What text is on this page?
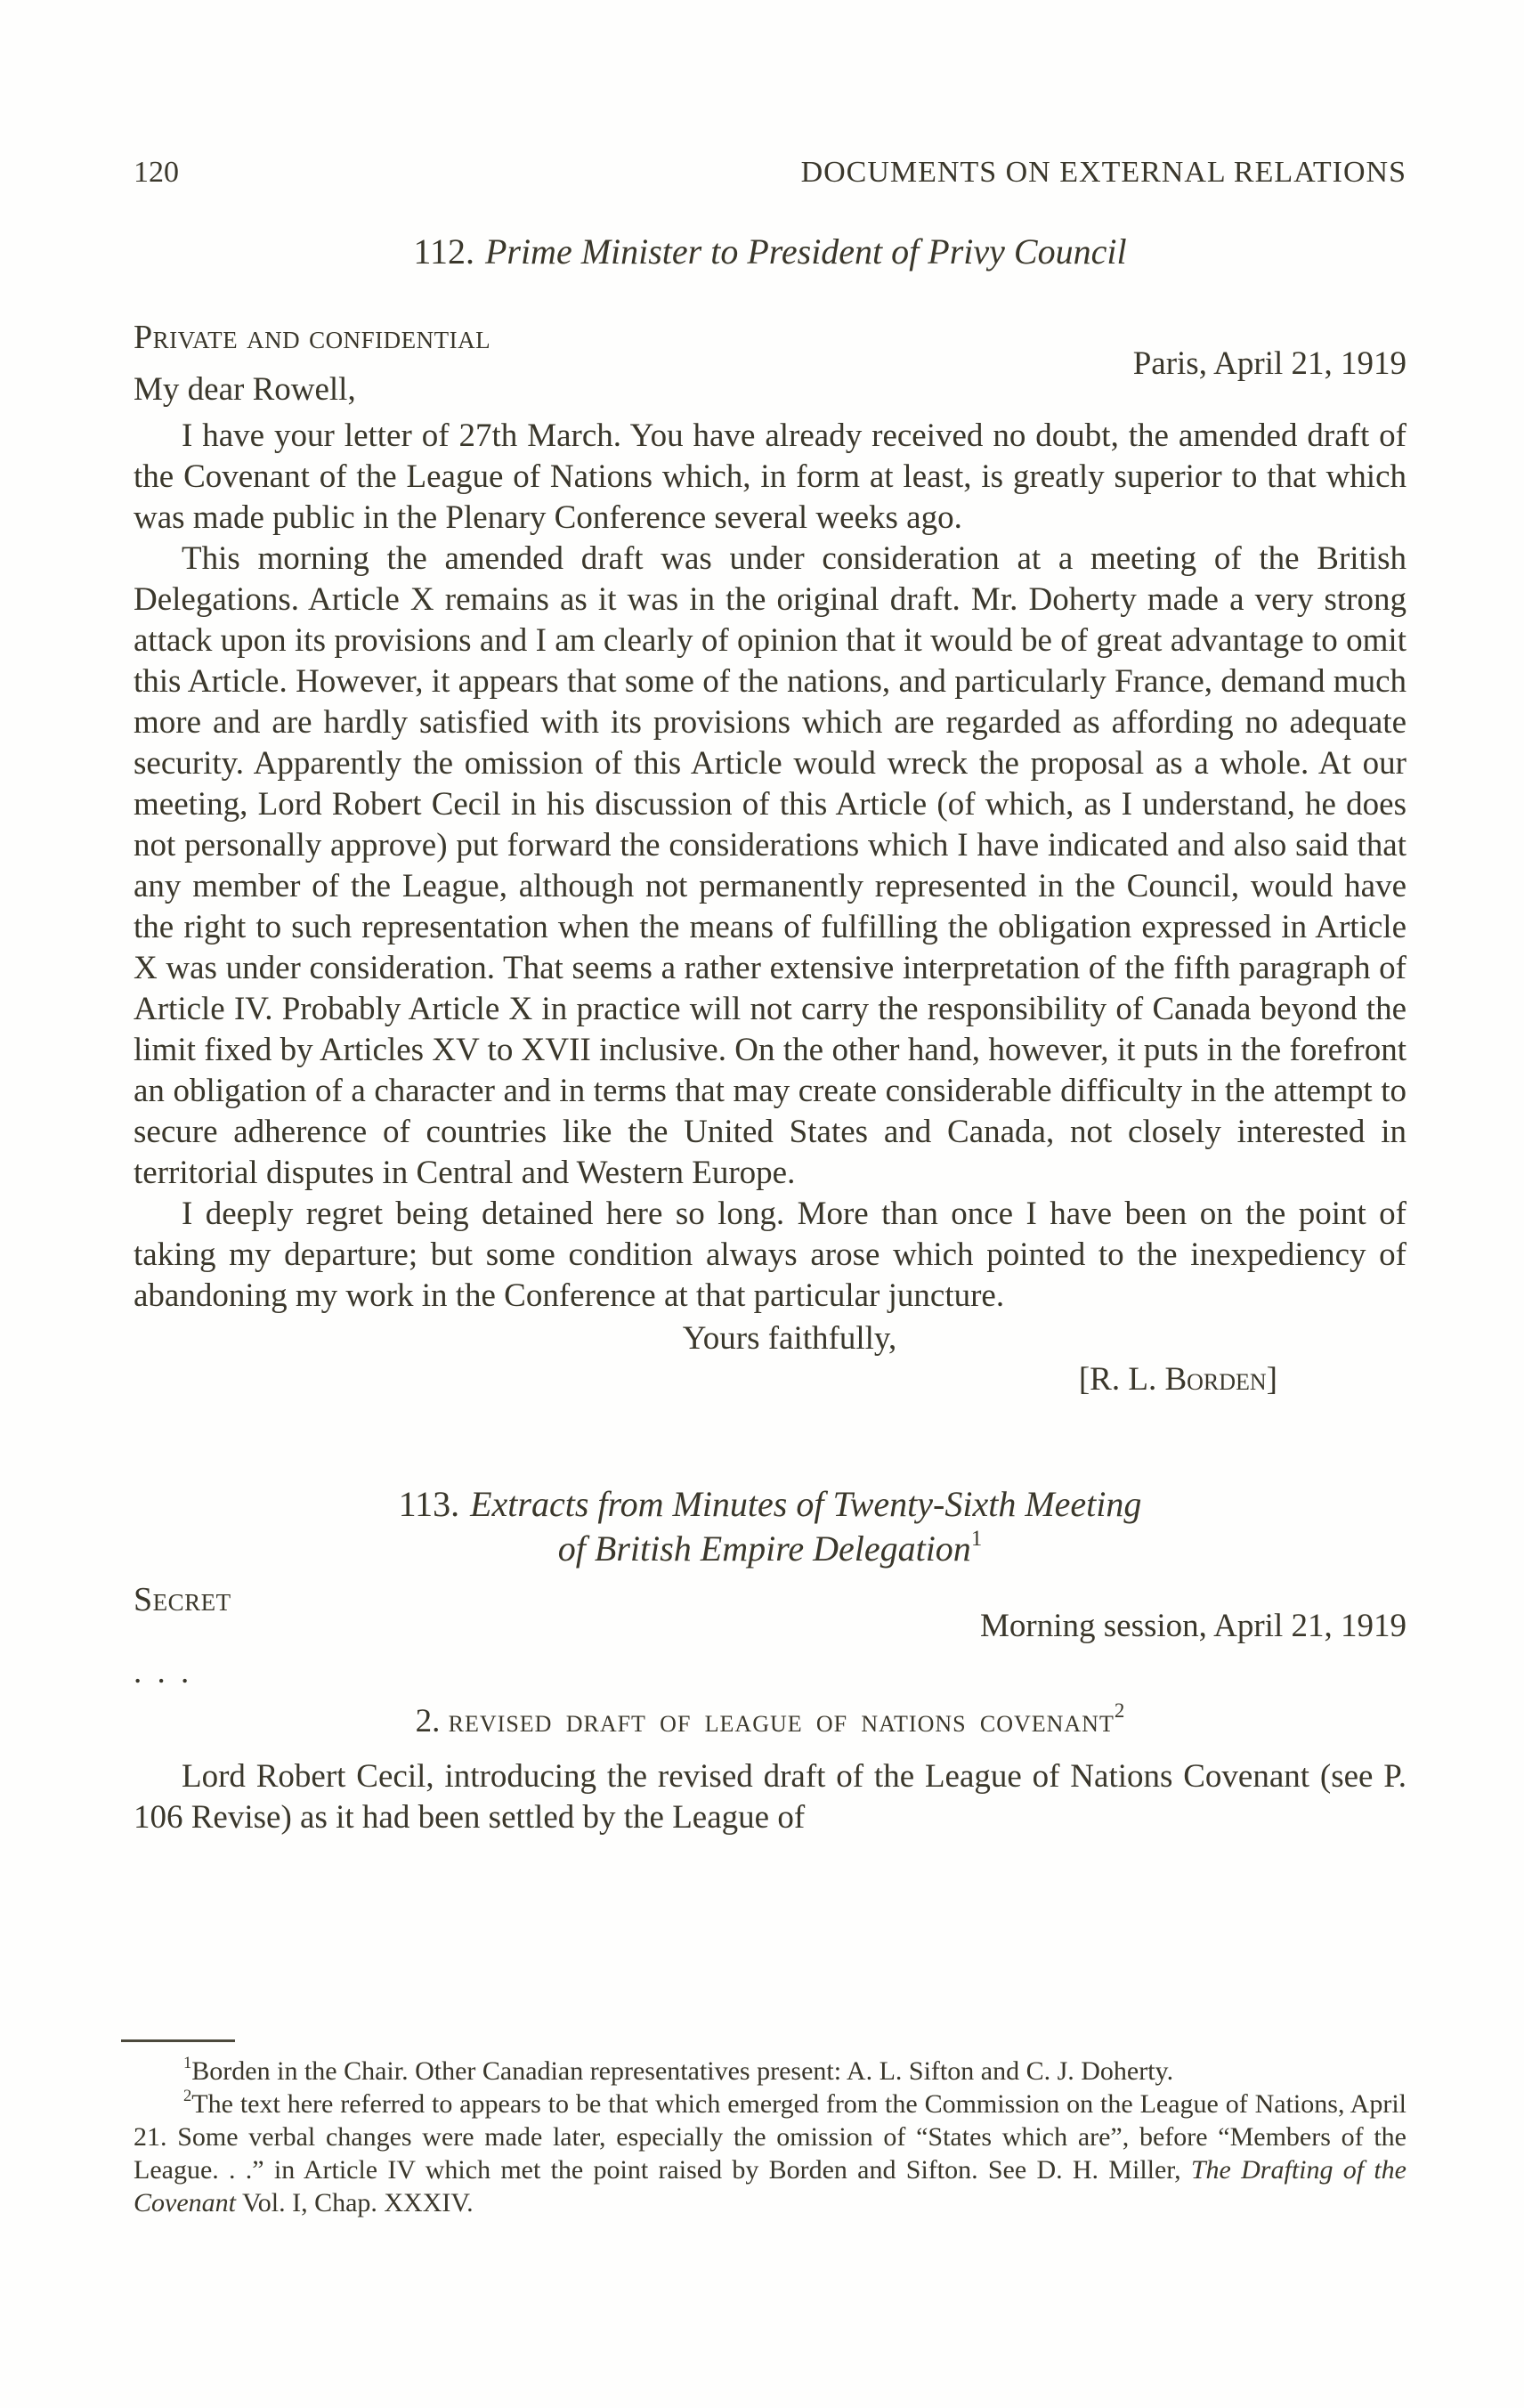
120	DOCUMENTS ON EXTERNAL RELATIONS
112. Prime Minister to President of Privy Council
Private and confidential
Paris, April 21, 1919
My dear Rowell,

I have your letter of 27th March. You have already received no doubt, the amended draft of the Covenant of the League of Nations which, in form at least, is greatly superior to that which was made public in the Plenary Conference several weeks ago.

This morning the amended draft was under consideration at a meeting of the British Delegations. Article X remains as it was in the original draft. Mr. Doherty made a very strong attack upon its provisions and I am clearly of opinion that it would be of great advantage to omit this Article. However, it appears that some of the nations, and particularly France, demand much more and are hardly satisfied with its provisions which are regarded as affording no adequate security. Apparently the omission of this Article would wreck the proposal as a whole. At our meeting, Lord Robert Cecil in his discussion of this Article (of which, as I understand, he does not personally approve) put forward the considerations which I have indicated and also said that any member of the League, although not permanently represented in the Council, would have the right to such representation when the means of fulfilling the obligation expressed in Article X was under consideration. That seems a rather extensive interpretation of the fifth paragraph of Article IV. Probably Article X in practice will not carry the responsibility of Canada beyond the limit fixed by Articles XV to XVII inclusive. On the other hand, however, it puts in the forefront an obligation of a character and in terms that may create considerable difficulty in the attempt to secure adherence of countries like the United States and Canada, not closely interested in territorial disputes in Central and Western Europe.

I deeply regret being detained here so long. More than once I have been on the point of taking my departure; but some condition always arose which pointed to the inexpediency of abandoning my work in the Conference at that particular juncture.

Yours faithfully,
[R. L. Borden]
113. Extracts from Minutes of Twenty-Sixth Meeting
of British Empire Delegation$^1$
Secret
Morning session, April 21, 1919
. . .
2. revised draft of league of nations covenant$^2$

Lord Robert Cecil, introducing the revised draft of the League of Nations Covenant (see P. 106 Revise) as it had been settled by the League of

$^1$Borden in the Chair. Other Canadian representatives present: A. L. Sifton and C. J. Doherty.

$^2$The text here referred to appears to be that which emerged from the Commission on the League of Nations, April 21. Some verbal changes were made later, especially the omission of “States which are”, before “Members of the League. . .” in Article IV which met the point raised by Borden and Sifton. See D. H. Miller, The Drafting of the Covenant Vol. I, Chap. XXXIV.
